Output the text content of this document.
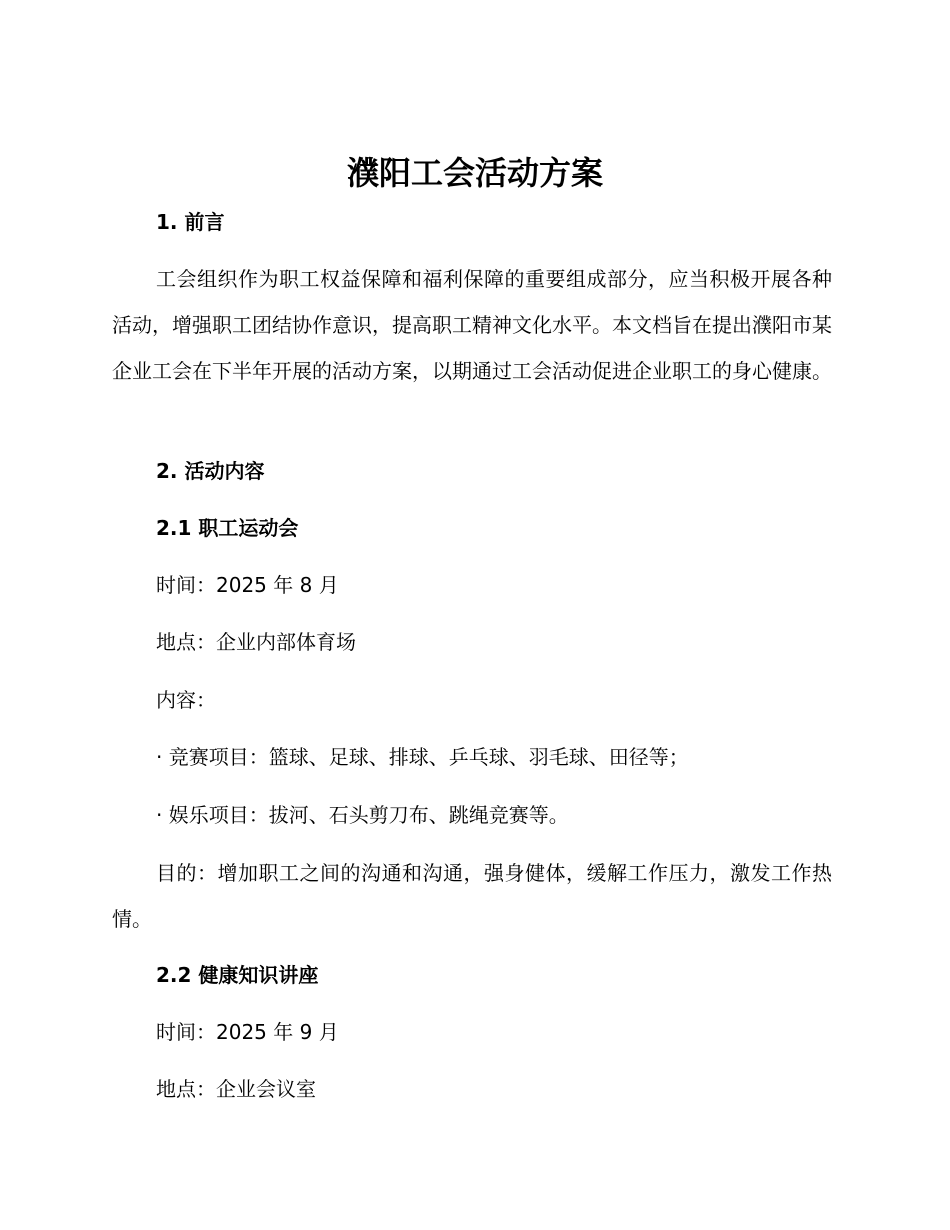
濮阳工会活动方案

1. 前言

工会组织作为职工权益保障和福利保障的重要组成部分，应当积极开展各种活动，增强职工团结协作意识，提高职工精神文化水平。本文档旨在提出濮阳市某企业工会在下半年开展的活动方案，以期通过工会活动促进企业职工的身心健康。

2. 活动内容

2.1 职工运动会

时间：2025 年 8 月

地点：企业内部体育场

内容：

· 竞赛项目：篮球、足球、排球、乒乓球、羽毛球、田径等；

· 娱乐项目：拔河、石头剪刀布、跳绳竞赛等。

目的：增加职工之间的沟通和沟通，强身健体，缓解工作压力，激发工作热情。

2.2 健康知识讲座

时间：2025 年 9 月

地点：企业会议室
